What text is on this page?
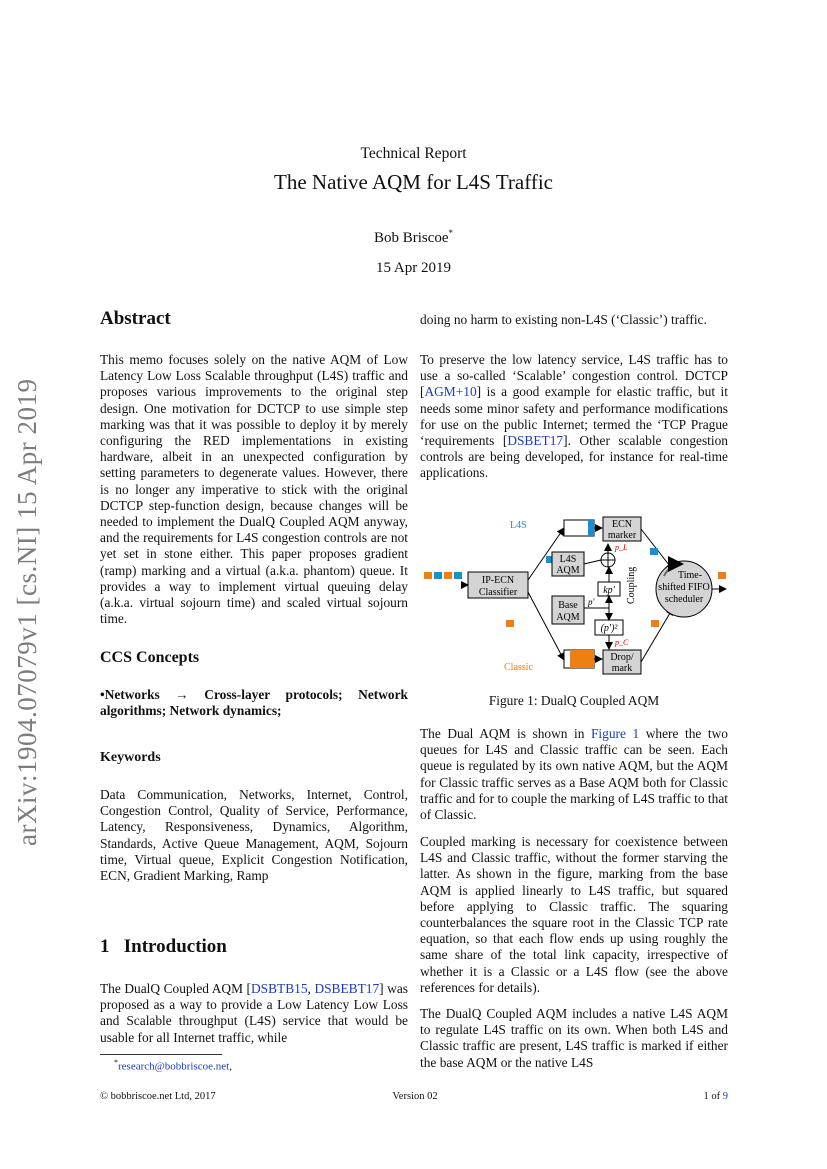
arXiv:1904.07079v1 [cs.NI] 15 Apr 2019
Technical Report
The Native AQM for L4S Traffic
Bob Briscoe*
15 Apr 2019
Abstract
This memo focuses solely on the native AQM of Low Latency Low Loss Scalable throughput (L4S) traffic and proposes various improvements to the original step design. One motivation for DCTCP to use simple step marking was that it was possible to deploy it by merely configuring the RED implementations in existing hardware, albeit in an unexpected configuration by setting parameters to degenerate values. However, there is no longer any imperative to stick with the original DCTCP step-function design, because changes will be needed to implement the DualQ Coupled AQM anyway, and the requirements for L4S congestion controls are not yet set in stone either. This paper proposes gradient (ramp) marking and a virtual (a.k.a. phantom) queue. It provides a way to implement virtual queuing delay (a.k.a. virtual sojourn time) and scaled virtual sojourn time.
CCS Concepts
•Networks → Cross-layer protocols; Network algorithms; Network dynamics;
Keywords
Data Communication, Networks, Internet, Control, Congestion Control, Quality of Service, Performance, Latency, Responsiveness, Dynamics, Algorithm, Standards, Active Queue Management, AQM, Sojourn time, Virtual queue, Explicit Congestion Notification, ECN, Gradient Marking, Ramp
1 Introduction
The DualQ Coupled AQM [DSBTB15, DSBEBT17] was proposed as a way to provide a Low Latency Low Loss and Scalable throughput (L4S) service that would be usable for all Internet traffic, while
*research@bobbriscoe.net,
doing no harm to existing non-L4S (‘Classic’) traffic.
To preserve the low latency service, L4S traffic has to use a so-called ‘Scalable’ congestion control. DCTCP [AGM+10] is a good example for elastic traffic, but it needs some minor safety and performance modifications for use on the public Internet; termed the ‘TCP Prague ‘requirements [DSBET17]. Other scalable congestion controls are being developed, for instance for real-time applications.
IP-ECN
Classifier
L4S
Classic
ECN
marker
Drop/
mark
L4S
AQM
Base
AQM
kp'
(p')²
p'
p_L
p_C
Coupling	Time-
shifted FIFO
scheduler
Figure 1: DualQ Coupled AQM
The Dual AQM is shown in Figure 1 where the two queues for L4S and Classic traffic can be seen. Each queue is regulated by its own native AQM, but the AQM for Classic traffic serves as a Base AQM both for Classic traffic and for to couple the marking of L4S traffic to that of Classic.
Coupled marking is necessary for coexistence between L4S and Classic traffic, without the former starving the latter. As shown in the figure, marking from the base AQM is applied linearly to L4S traffic, but squared before applying to Classic traffic. The squaring counterbalances the square root in the Classic TCP rate equation, so that each flow ends up using roughly the same share of the total link capacity, irrespective of whether it is a Classic or a L4S flow (see the above references for details).
The DualQ Coupled AQM includes a native L4S AQM to regulate L4S traffic on its own. When both L4S and Classic traffic are present, L4S traffic is marked if either the base AQM or the native L4S
© bobbriscoe.net Ltd, 2017	Version 02	1 of 9
